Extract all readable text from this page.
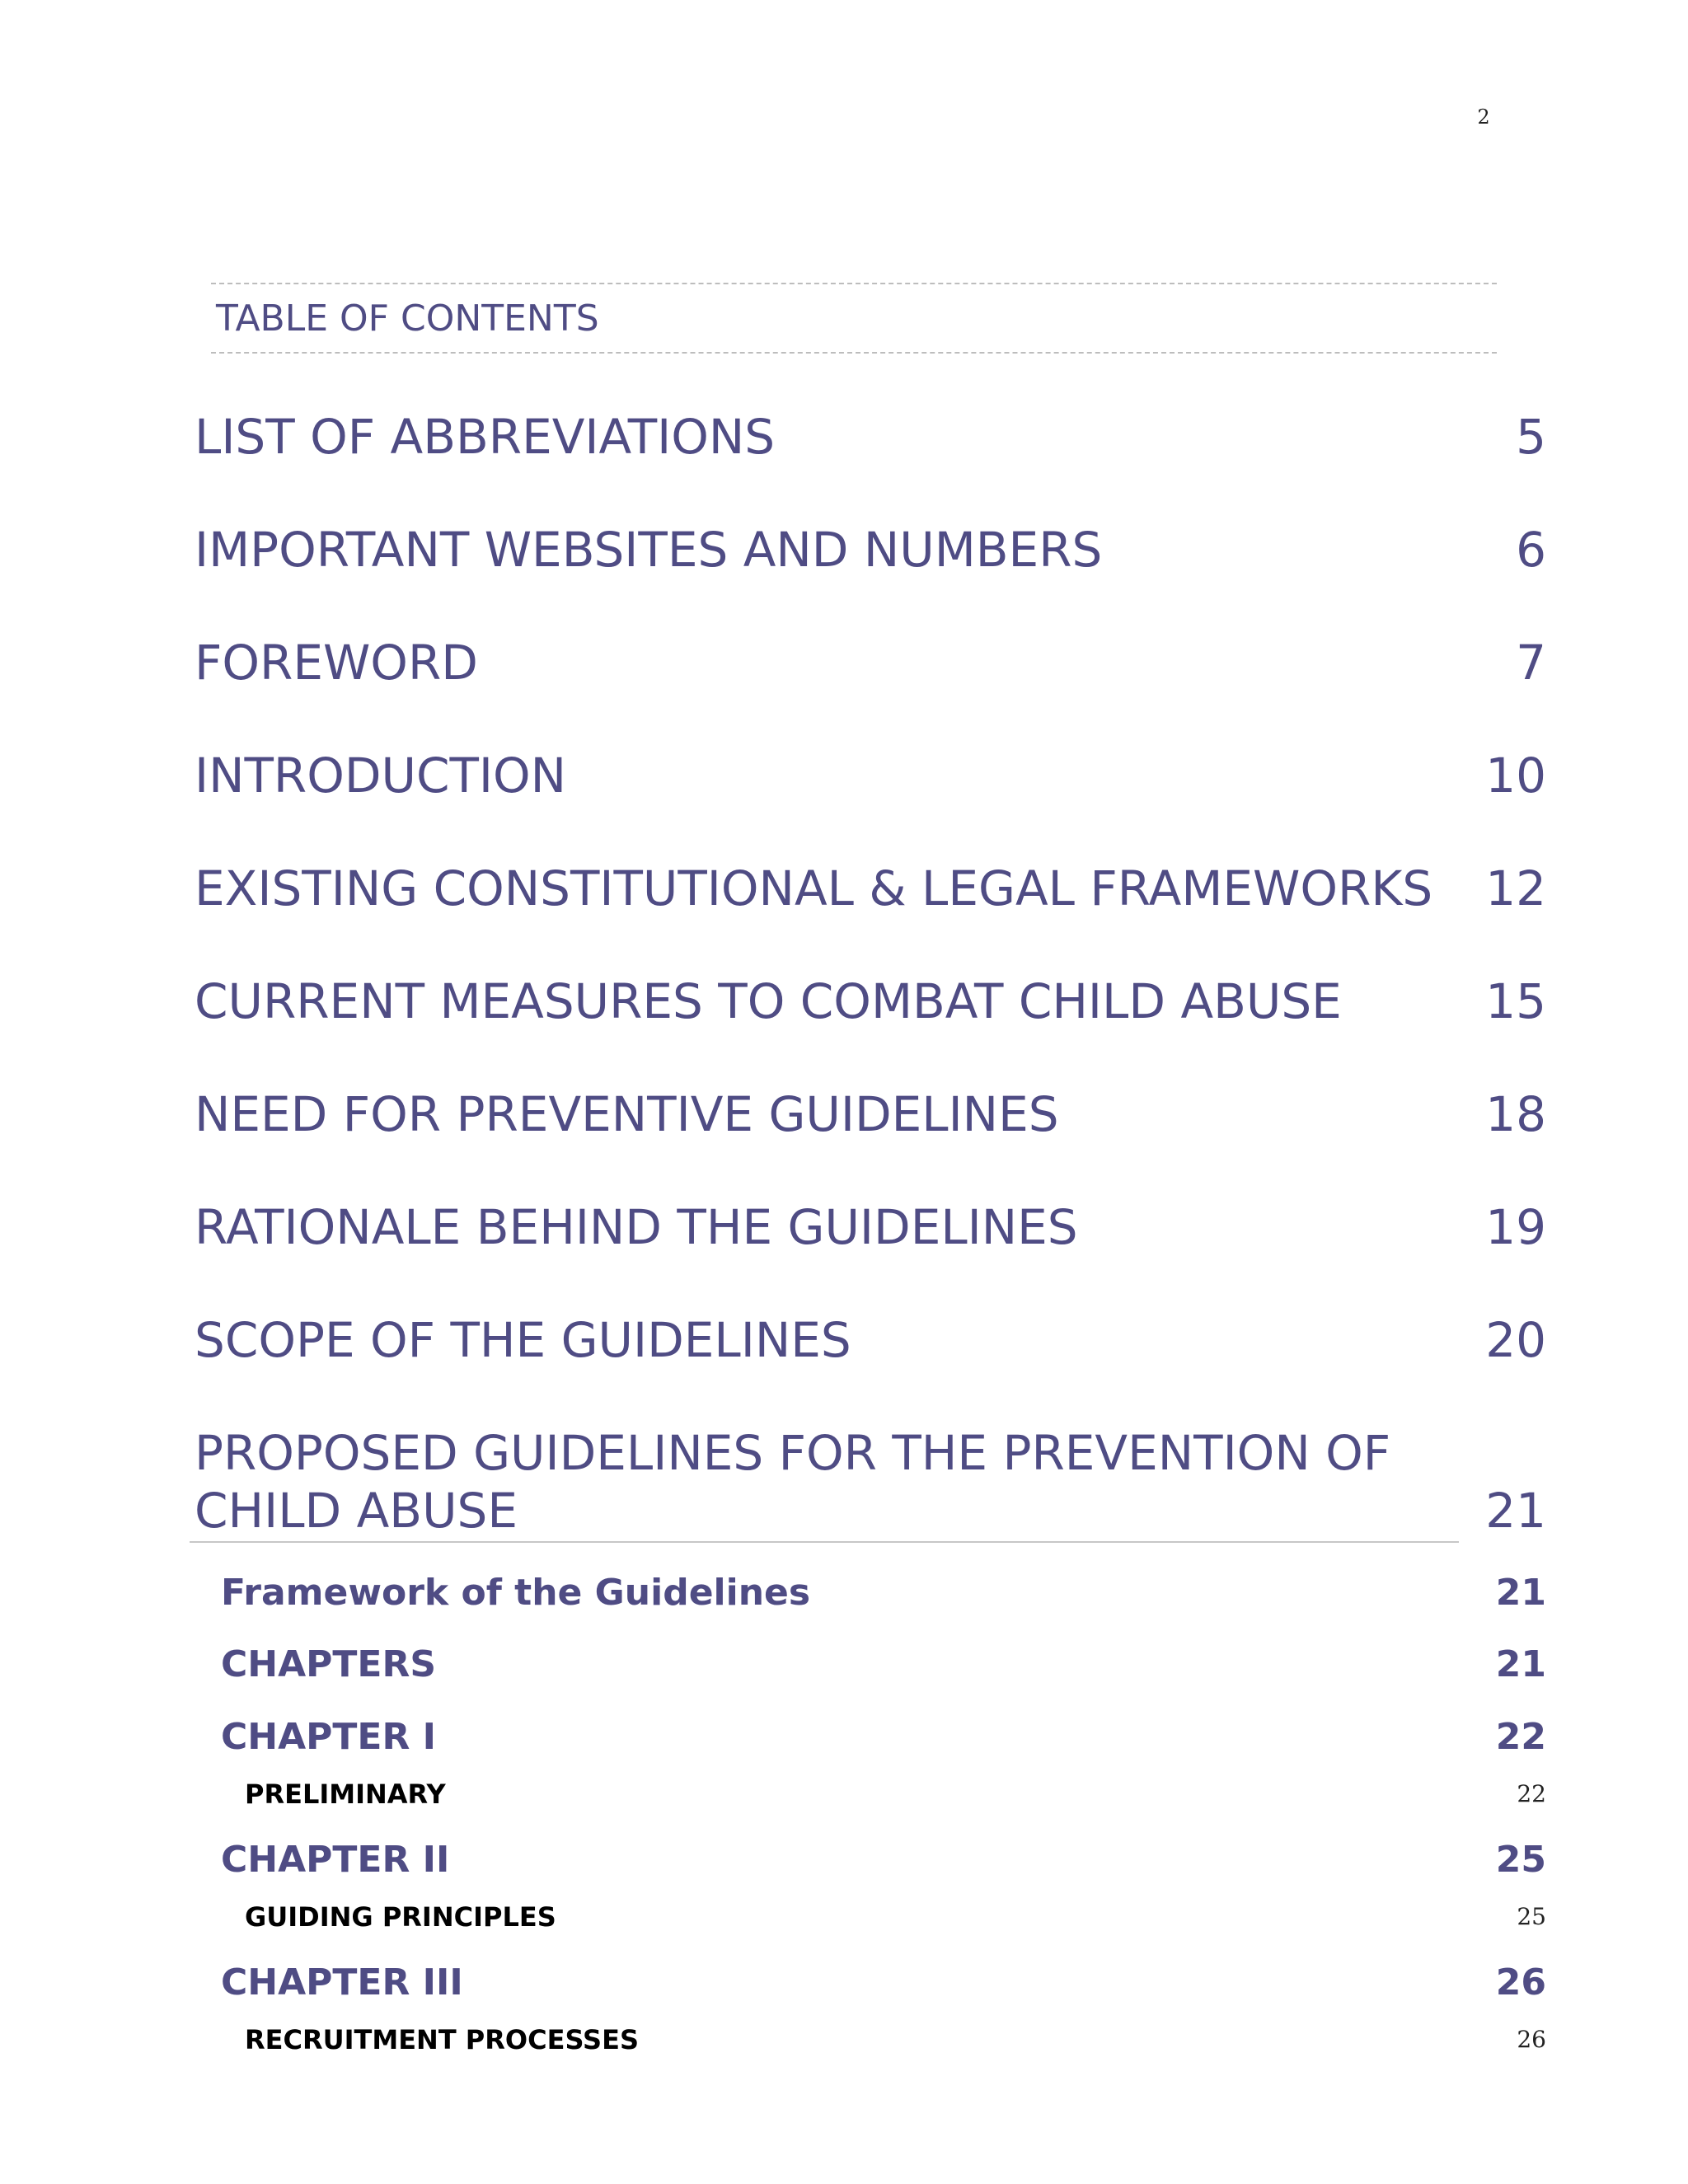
2
TABLE OF CONTENTS
LIST OF ABBREVIATIONS	5
IMPORTANT WEBSITES AND NUMBERS	6
FOREWORD	7
INTRODUCTION	10
EXISTING CONSTITUTIONAL & LEGAL FRAMEWORKS 12
CURRENT MEASURES TO COMBAT CHILD ABUSE	15
NEED FOR PREVENTIVE GUIDELINES	18
RATIONALE BEHIND THE GUIDELINES	19
SCOPE OF THE GUIDELINES	20
PROPOSED GUIDELINES FOR THE PREVENTION OF CHILD ABUSE	21
Framework of the Guidelines	21
CHAPTERS	21
CHAPTER I	22
PRELIMINARY	22
CHAPTER II	25
GUIDING PRINCIPLES	25
CHAPTER III	26
RECRUITMENT PROCESSES	26
